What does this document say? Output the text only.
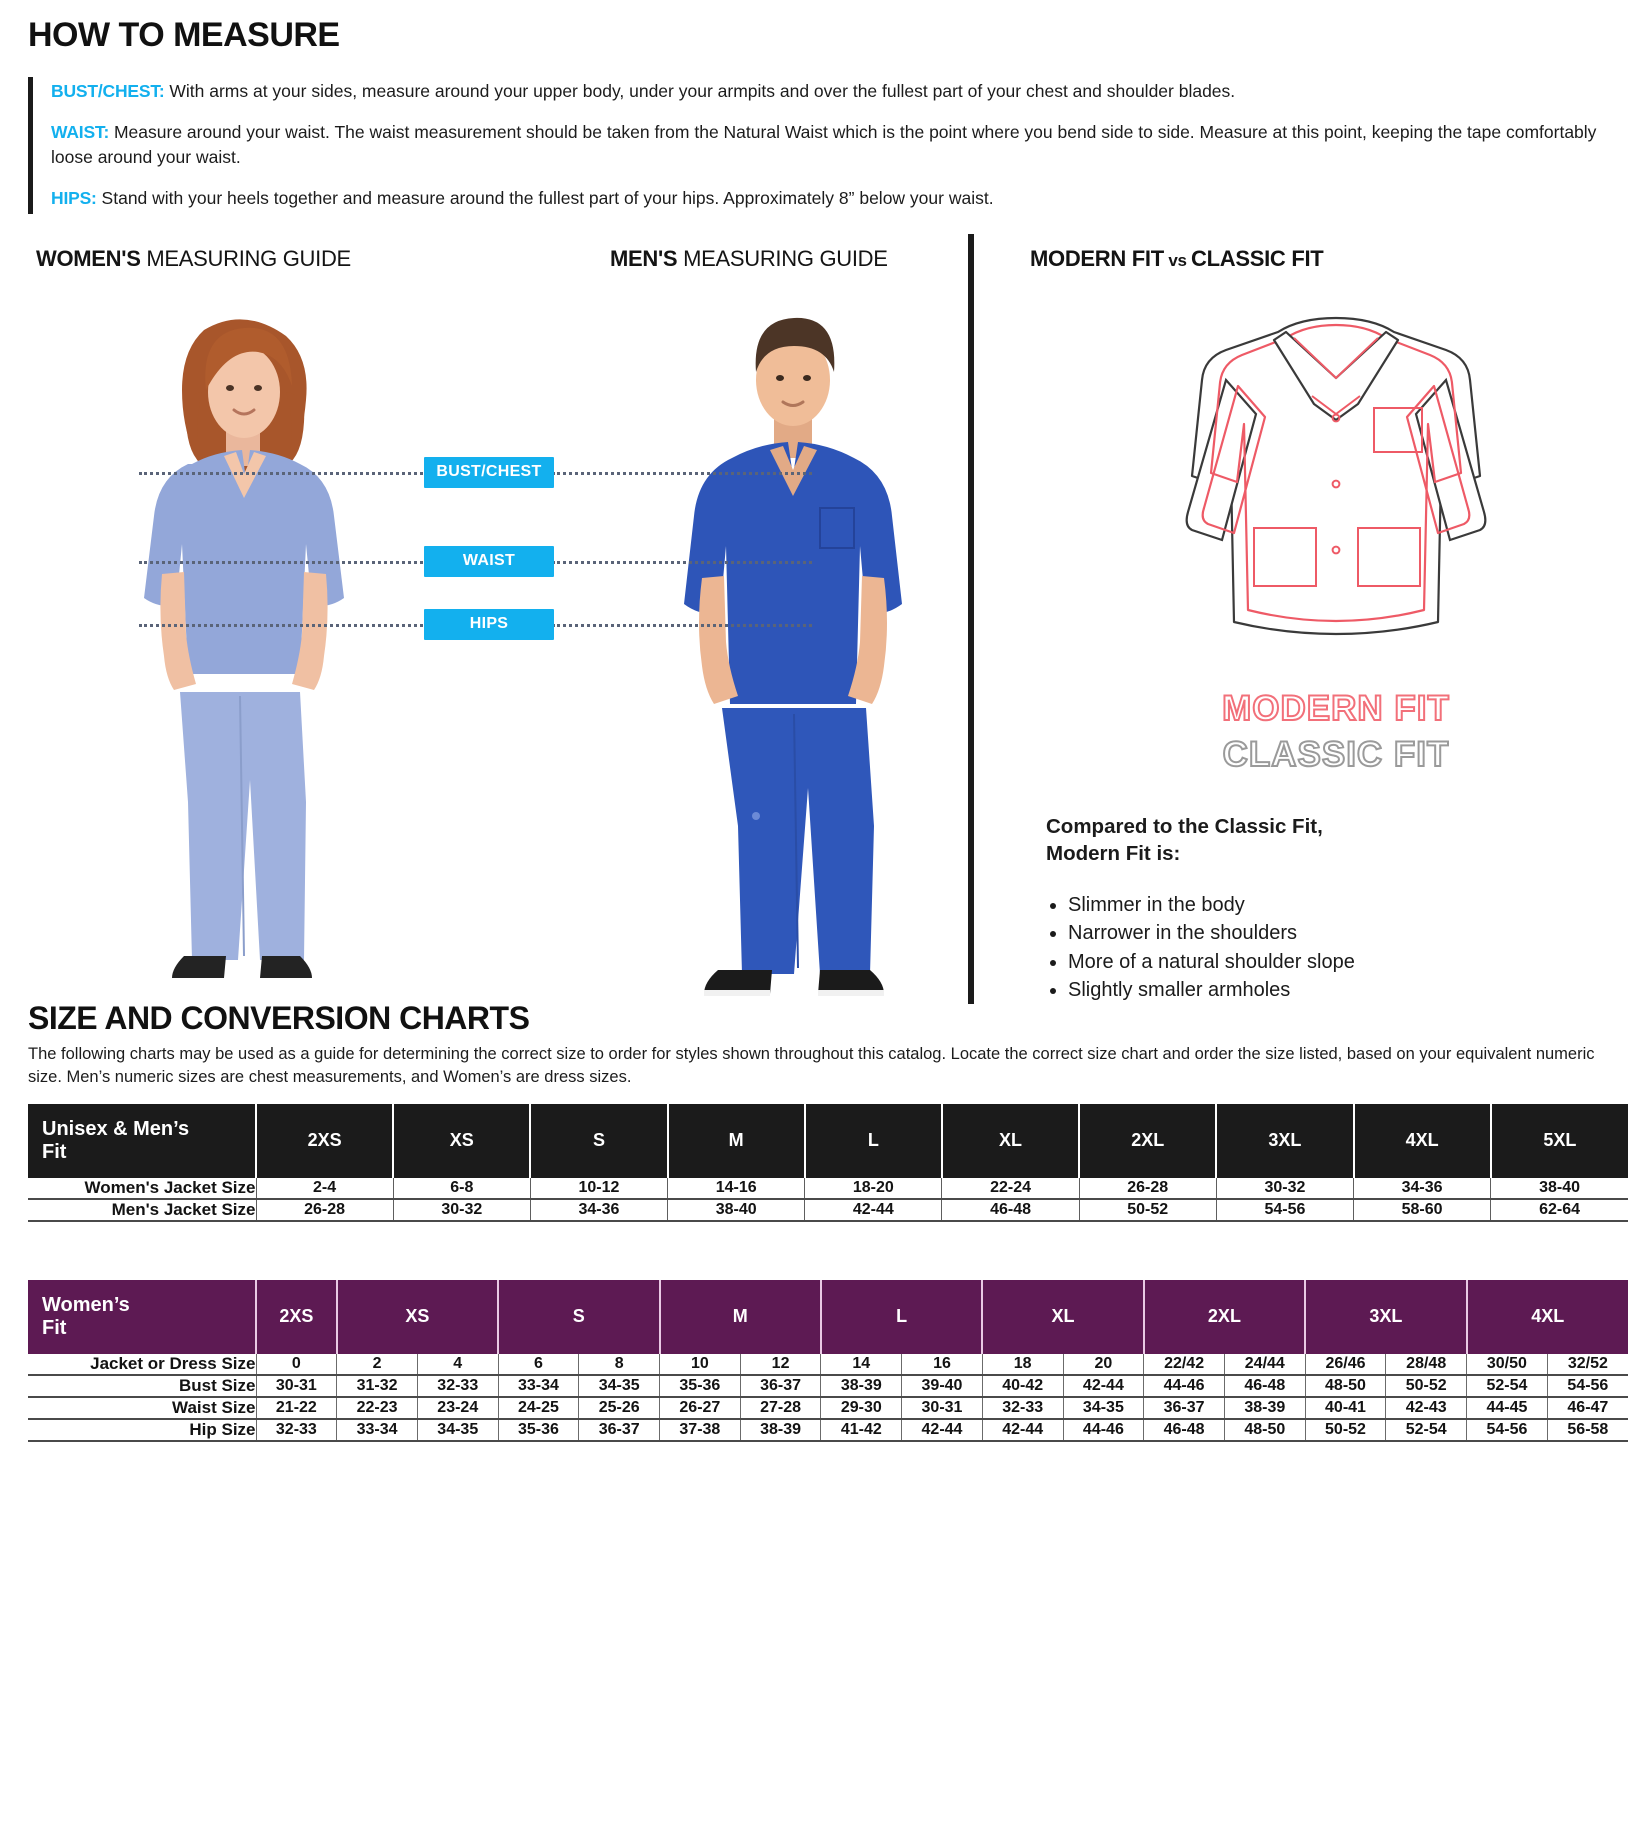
HOW TO MEASURE

BUST/CHEST: With arms at your sides, measure around your upper body, under your armpits and over the fullest part of your chest and shoulder blades.

WAIST: Measure around your waist. The waist measurement should be taken from the Natural Waist which is the point where you bend side to side. Measure at this point, keeping the tape comfortably loose around your waist.

HIPS: Stand with your heels together and measure around the fullest part of your hips. Approximately 8” below your waist.

WOMEN'S MEASURING GUIDE	MEN'S MEASURING GUIDE	MODERN FIT vs CLASSIC FIT
BUST/CHEST
WAIST
HIPS
MODERN FIT
CLASSIC FIT
Compared to the Classic Fit,
Modern Fit is:
• Slimmer in the body
• Narrower in the shoulders
• More of a natural shoulder slope
• Slightly smaller armholes
SIZE AND CONVERSION CHARTS

The following charts may be used as a guide for determining the correct size to order for styles shown throughout this catalog. Locate the correct size chart and order the size listed, based on your equivalent numeric size. Men’s numeric sizes are chest measurements, and Women’s are dress sizes.

Unisex & Men’s
Fit	2XS	XS	S	M	L	XL	2XL	3XL	4XL	5XL
Women's Jacket Size	2-4	6-8	10-12	14-16	18-20	22-24	26-28	30-32	34-36	38-40
Men's Jacket Size	26-28	30-32	34-36	38-40	42-44	46-48	50-52	54-56	58-60	62-64
Women’s
Fit	2XS	XS		S		M		L		XL		2XL		3XL		4XL	
Jacket or Dress Size	0	2	4	6	8	10	12	14	16	18	20	22/42	24/44	26/46	28/48	30/50	32/52
Bust Size	30-31	31-32	32-33	33-34	34-35	35-36	36-37	38-39	39-40	40-42	42-44	44-46	46-48	48-50	50-52	52-54	54-56
Waist Size	21-22	22-23	23-24	24-25	25-26	26-27	27-28	29-30	30-31	32-33	34-35	36-37	38-39	40-41	42-43	44-45	46-47
Hip Size	32-33	33-34	34-35	35-36	36-37	37-38	38-39	41-42	42-44	42-44	44-46	46-48	48-50	50-52	52-54	54-56	56-58
